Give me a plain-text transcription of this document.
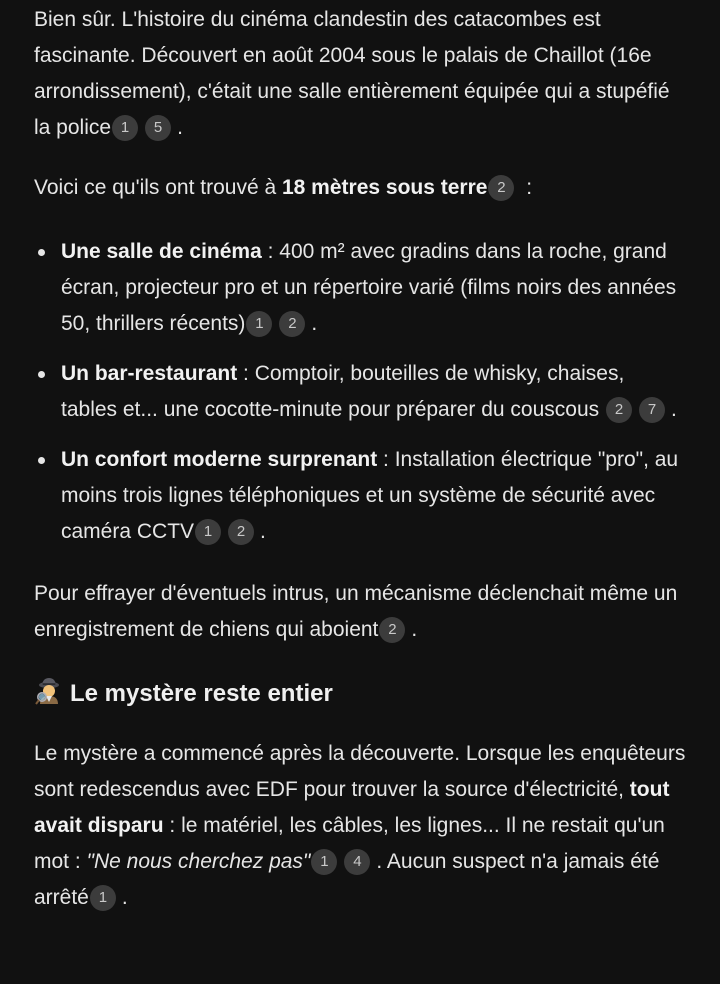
Bien sûr. L'histoire du cinéma clandestin des catacombes est fascinante. Découvert en août 2004 sous le palais de Chaillot (16e arrondissement), c'était une salle entièrement équipée qui a stupéfié la police 1 5 .

Voici ce qu'ils ont trouvé à 18 mètres sous terre 2 :

Une salle de cinéma : 400 m² avec gradins dans la roche, grand écran, projecteur pro et un répertoire varié (films noirs des années 50, thrillers récents) 1 2 .
Un bar-restaurant : Comptoir, bouteilles de whisky, chaises, tables et... une cocotte-minute pour préparer du couscous 2 7 .
Un confort moderne surprenant : Installation électrique "pro", au moins trois lignes téléphoniques et un système de sécurité avec caméra CCTV 1 2 .

Pour effrayer d'éventuels intrus, un mécanisme déclenchait même un enregistrement de chiens qui aboient 2 .

Le mystère reste entier

Le mystère a commencé après la découverte. Lorsque les enquêteurs sont redescendus avec EDF pour trouver la source d'électricité, tout avait disparu : le matériel, les câbles, les lignes... Il ne restait qu'un mot : "Ne nous cherchez pas" 1 4 . Aucun suspect n'a jamais été arrêté 1 .
